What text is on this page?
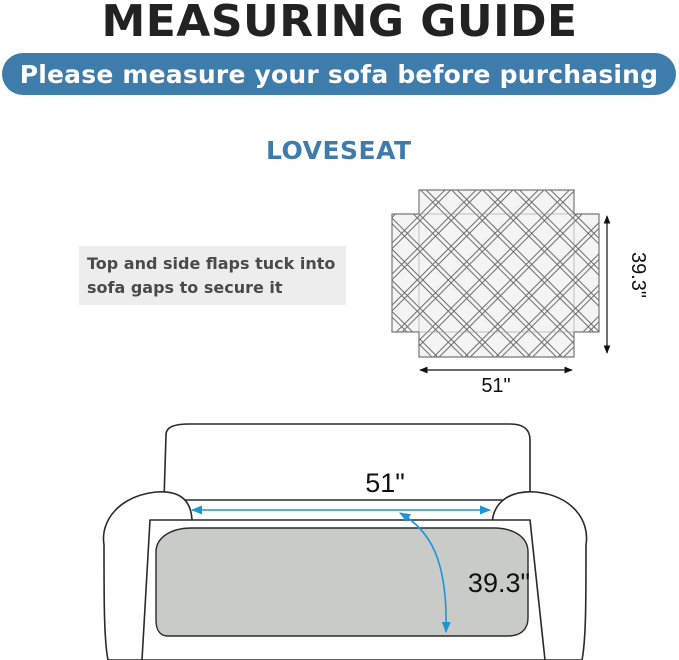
MEASURING GUIDE
Please measure your sofa before purchasing
LOVESEAT
Top and side flaps tuck into
sofa gaps to secure it
51"
39.3"
51"
39.3"
